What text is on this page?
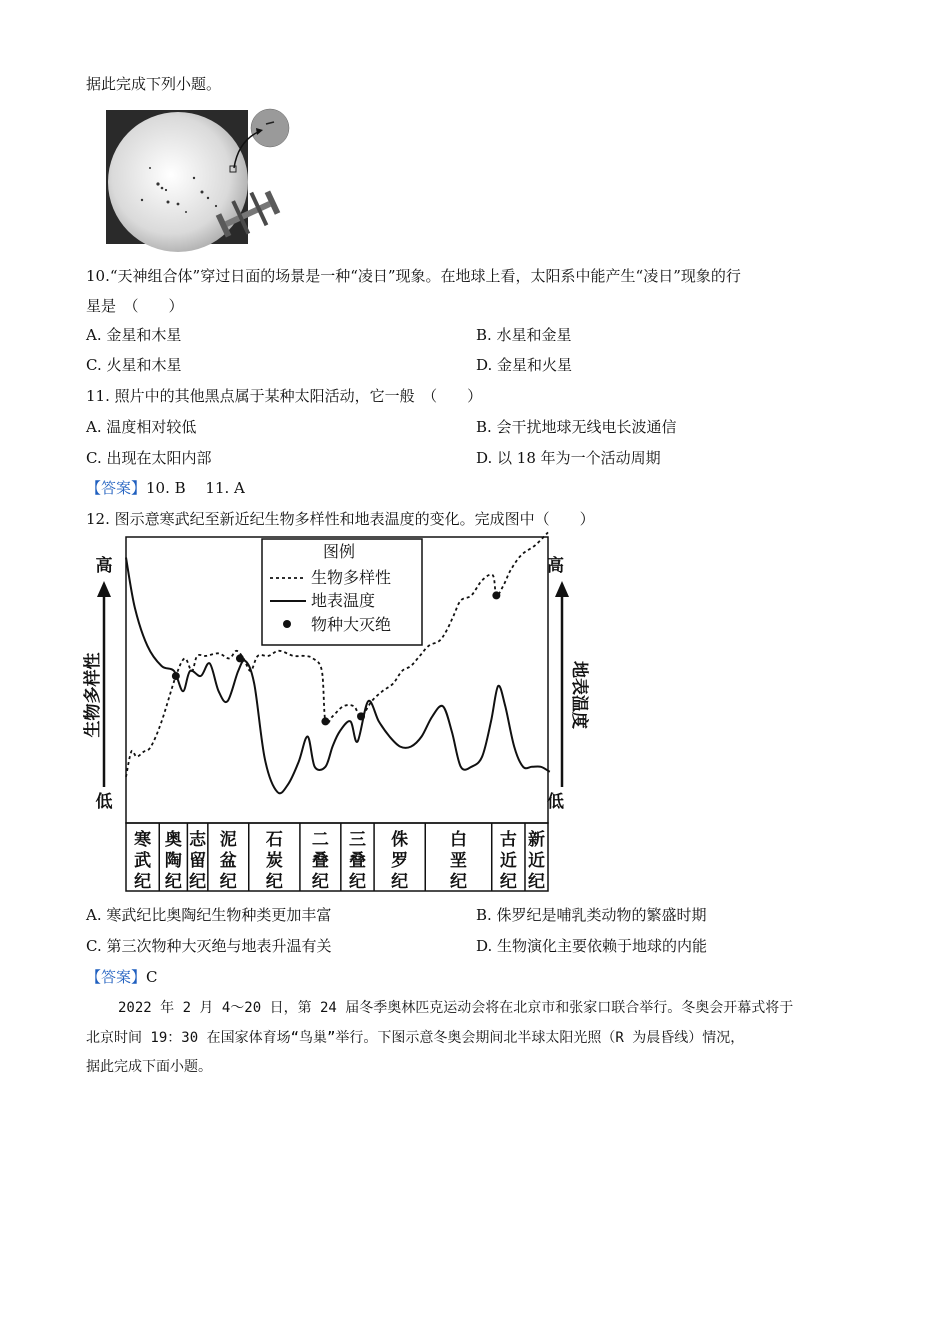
据此完成下列小题。
10.“天神组合体”穿过日面的场景是一种“凌日”现象。在地球上看，太阳系中能产生“凌日”现象的行
星是　（　　）
A. 金星和木星	B. 水星和金星
C. 火星和木星	D. 金星和火星
11. 照片中的其他黑点属于某种太阳活动，它一般　（　　）
A. 温度相对较低	B. 会干扰地球无线电长波通信
C. 出现在太阳内部	D. 以 18 年为一个活动周期
【答案】10. B　 11. A
12. 图示意寒武纪至新近纪生物多样性和地表温度的变化。完成图中（　　）
高
低
高
低
生物多样性	地表温度
图例
生物多样性
地表温度
物种大灭绝
寒
武
纪
奥
陶
纪
志
留
纪
泥
盆
纪
石
炭
纪
二
叠
纪
三
叠
纪
侏
罗
纪
白
垩
纪
古
近
纪
新
近
纪
A. 寒武纪比奥陶纪生物种类更加丰富	B. 侏罗纪是哺乳类动物的繁盛时期
C. 第三次物种大灭绝与地表升温有关	D. 生物演化主要依赖于地球的内能
【答案】C
2022 年 2 月 4～20 日，第 24 届冬季奥林匹克运动会将在北京市和张家口联合举行。冬奥会开幕式将于
北京时间 19：30 在国家体育场“鸟巢”举行。下图示意冬奥会期间北半球太阳光照（R 为晨昏线）情况，
据此完成下面小题。
